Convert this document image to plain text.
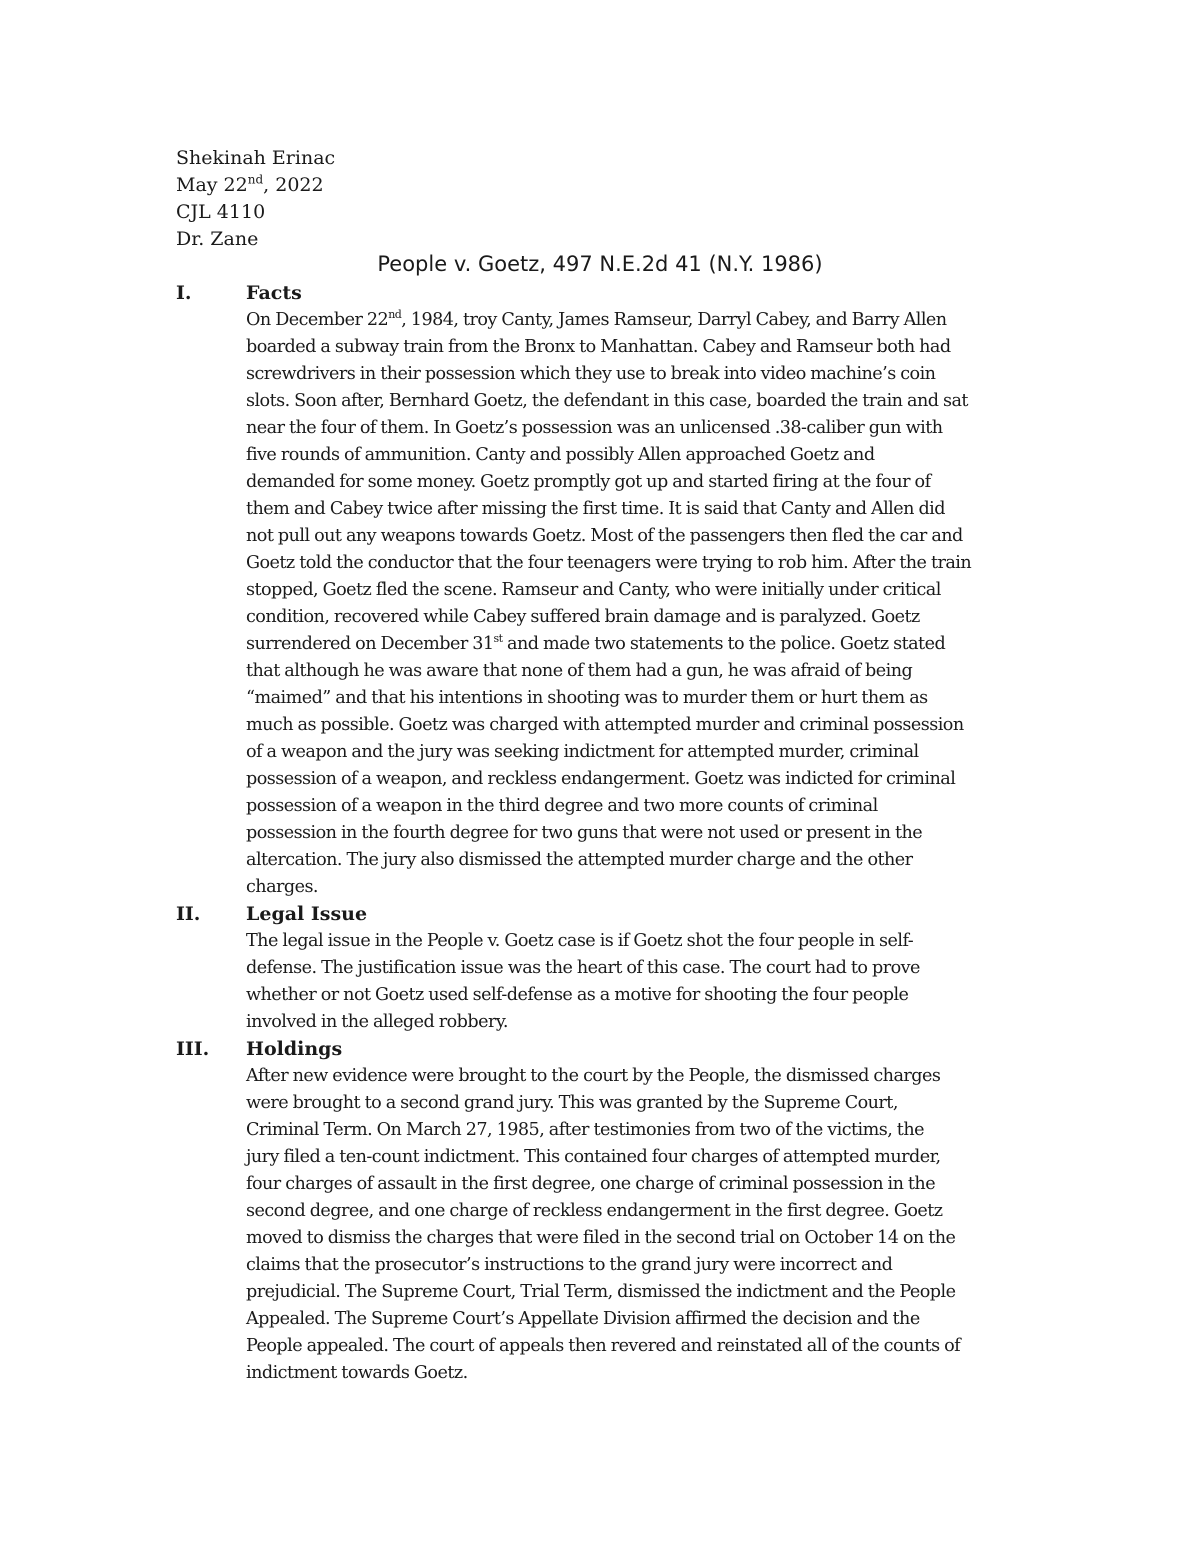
Shekinah Erinac
May 22nd, 2022
CJL 4110
Dr. Zane
People v. Goetz, 497 N.E.2d 41 (N.Y. 1986)
I.	Facts
On December 22nd, 1984, troy Canty, James Ramseur, Darryl Cabey, and Barry Allen
boarded a subway train from the Bronx to Manhattan. Cabey and Ramseur both had
screwdrivers in their possession which they use to break into video machine’s coin
slots. Soon after, Bernhard Goetz, the defendant in this case, boarded the train and sat
near the four of them. In Goetz’s possession was an unlicensed .38-caliber gun with
five rounds of ammunition. Canty and possibly Allen approached Goetz and
demanded for some money. Goetz promptly got up and started firing at the four of
them and Cabey twice after missing the first time. It is said that Canty and Allen did
not pull out any weapons towards Goetz. Most of the passengers then fled the car and
Goetz told the conductor that the four teenagers were trying to rob him. After the train
stopped, Goetz fled the scene. Ramseur and Canty, who were initially under critical
condition, recovered while Cabey suffered brain damage and is paralyzed. Goetz
surrendered on December 31st and made two statements to the police. Goetz stated
that although he was aware that none of them had a gun, he was afraid of being
“maimed” and that his intentions in shooting was to murder them or hurt them as
much as possible. Goetz was charged with attempted murder and criminal possession
of a weapon and the jury was seeking indictment for attempted murder, criminal
possession of a weapon, and reckless endangerment. Goetz was indicted for criminal
possession of a weapon in the third degree and two more counts of criminal
possession in the fourth degree for two guns that were not used or present in the
altercation. The jury also dismissed the attempted murder charge and the other
charges.
II. Legal Issue
The legal issue in the People v. Goetz case is if Goetz shot the four people in self-
defense. The justification issue was the heart of this case. The court had to prove
whether or not Goetz used self-defense as a motive for shooting the four people
involved in the alleged robbery.
III. Holdings
After new evidence were brought to the court by the People, the dismissed charges
were brought to a second grand jury. This was granted by the Supreme Court,
Criminal Term. On March 27, 1985, after testimonies from two of the victims, the
jury filed a ten-count indictment. This contained four charges of attempted murder,
four charges of assault in the first degree, one charge of criminal possession in the
second degree, and one charge of reckless endangerment in the first degree. Goetz
moved to dismiss the charges that were filed in the second trial on October 14 on the
claims that the prosecutor’s instructions to the grand jury were incorrect and
prejudicial. The Supreme Court, Trial Term, dismissed the indictment and the People
Appealed. The Supreme Court’s Appellate Division affirmed the decision and the
People appealed. The court of appeals then revered and reinstated all of the counts of
indictment towards Goetz.
